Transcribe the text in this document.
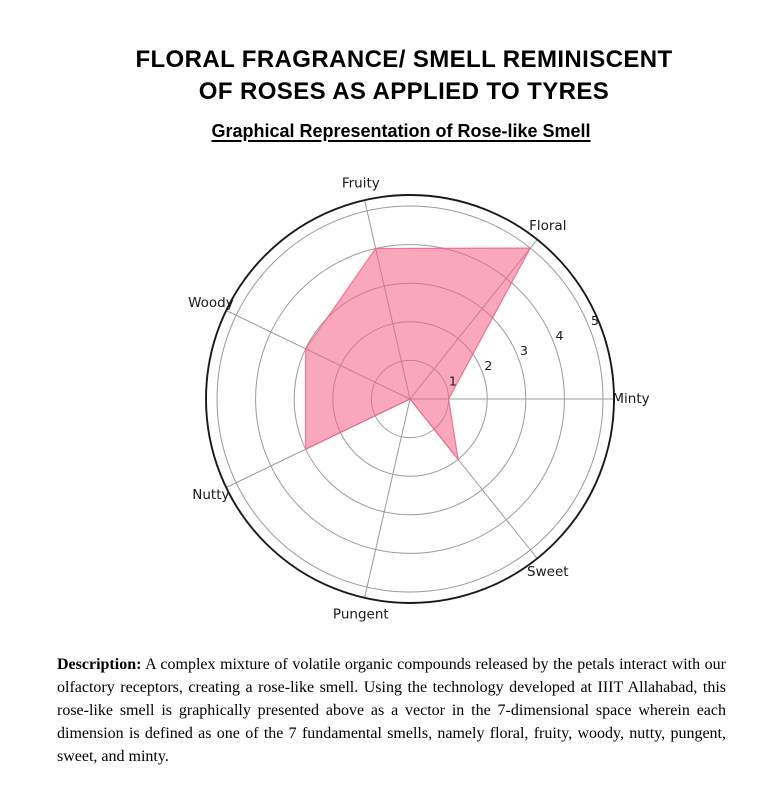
FLORAL FRAGRANCE/ SMELL REMINISCENT
OF ROSES AS APPLIED TO TYRES
Graphical Representation of Rose-like Smell
1
2
3
4
5
Minty
Floral
Fruity
Woody
Nutty
Pungent
Sweet

Description: A complex mixture of volatile organic compounds released by the petals interact with our olfactory receptors, creating a rose-like smell. Using the technology developed at IIIT Allahabad, this rose-like smell is graphically presented above as a vector in the 7-dimensional space wherein each dimension is defined as one of the 7 fundamental smells, namely floral, fruity, woody, nutty, pungent, sweet, and minty.
